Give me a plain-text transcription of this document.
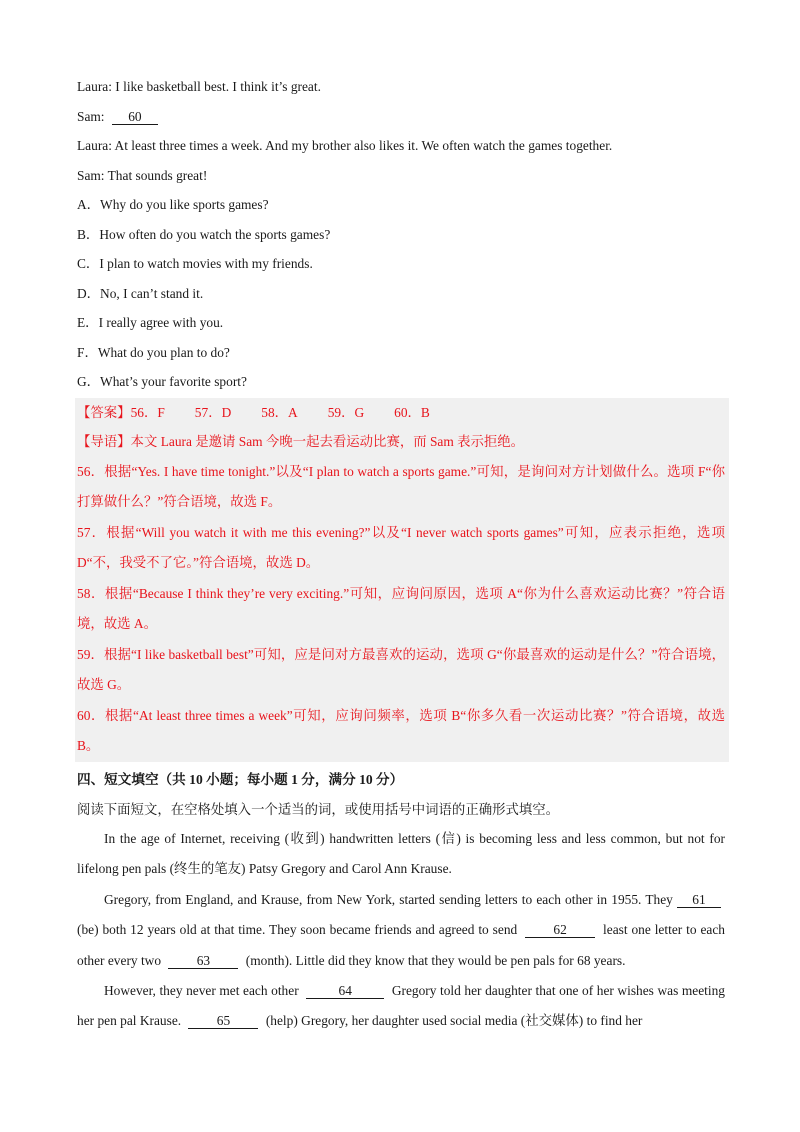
Laura: I like basketball best. I think it’s great.
Sam: 60
Laura: At least three times a week. And my brother also likes it. We often watch the games together.
Sam: That sounds great!
A．Why do you like sports games?
B．How often do you watch the sports games?
C．I plan to watch movies with my friends.
D．No, I can’t stand it.
E．I really agree with you.
F．What do you plan to do?
G．What’s your favorite sport?
【答案】56．F 57．D 58．A 59．G 60．B
【导语】本文 Laura 是邀请 Sam 今晚一起去看运动比赛，而 Sam 表示拒绝。
56．根据“Yes. I have time tonight.”以及“I plan to watch a sports game.”可知，是询问对方计划做什么。选项 F“你打算做什么？”符合语境，故选 F。
57．根据“Will you watch it with me this evening?”以及“I never watch sports games”可知，应表示拒绝，选项 D“不，我受不了它。”符合语境，故选 D。
58．根据“Because I think they’re very exciting.”可知，应询问原因，选项 A“你为什么喜欢运动比赛？”符合语境，故选 A。
59．根据“I like basketball best”可知，应是问对方最喜欢的运动，选项 G“你最喜欢的运动是什么？”符合语境，故选 G。
60．根据“At least three times a week”可知，应询问频率，选项 B“你多久看一次运动比赛？”符合语境，故选 B。
四、短文填空（共 10 小题；每小题 1 分，满分 10 分）
阅读下面短文，在空格处填入一个适当的词，或使用括号中词语的正确形式填空。
In the age of Internet, receiving (收到) handwritten letters (信) is becoming less and less common, but not for lifelong pen pals (终生的笔友) Patsy Gregory and Carol Ann Krause.
Gregory, from England, and Krause, from New York, started sending letters to each other in 1955. They 61 (be) both 12 years old at that time. They soon became friends and agreed to send	62	least one letter to each other every two	63	(month). Little did they know that they would be pen pals for 68 years.
However, they never met each other	64	Gregory told her daughter that one of her wishes was meeting her pen pal Krause.	65	(help) Gregory, her daughter used social media (社交媒体) to find her
